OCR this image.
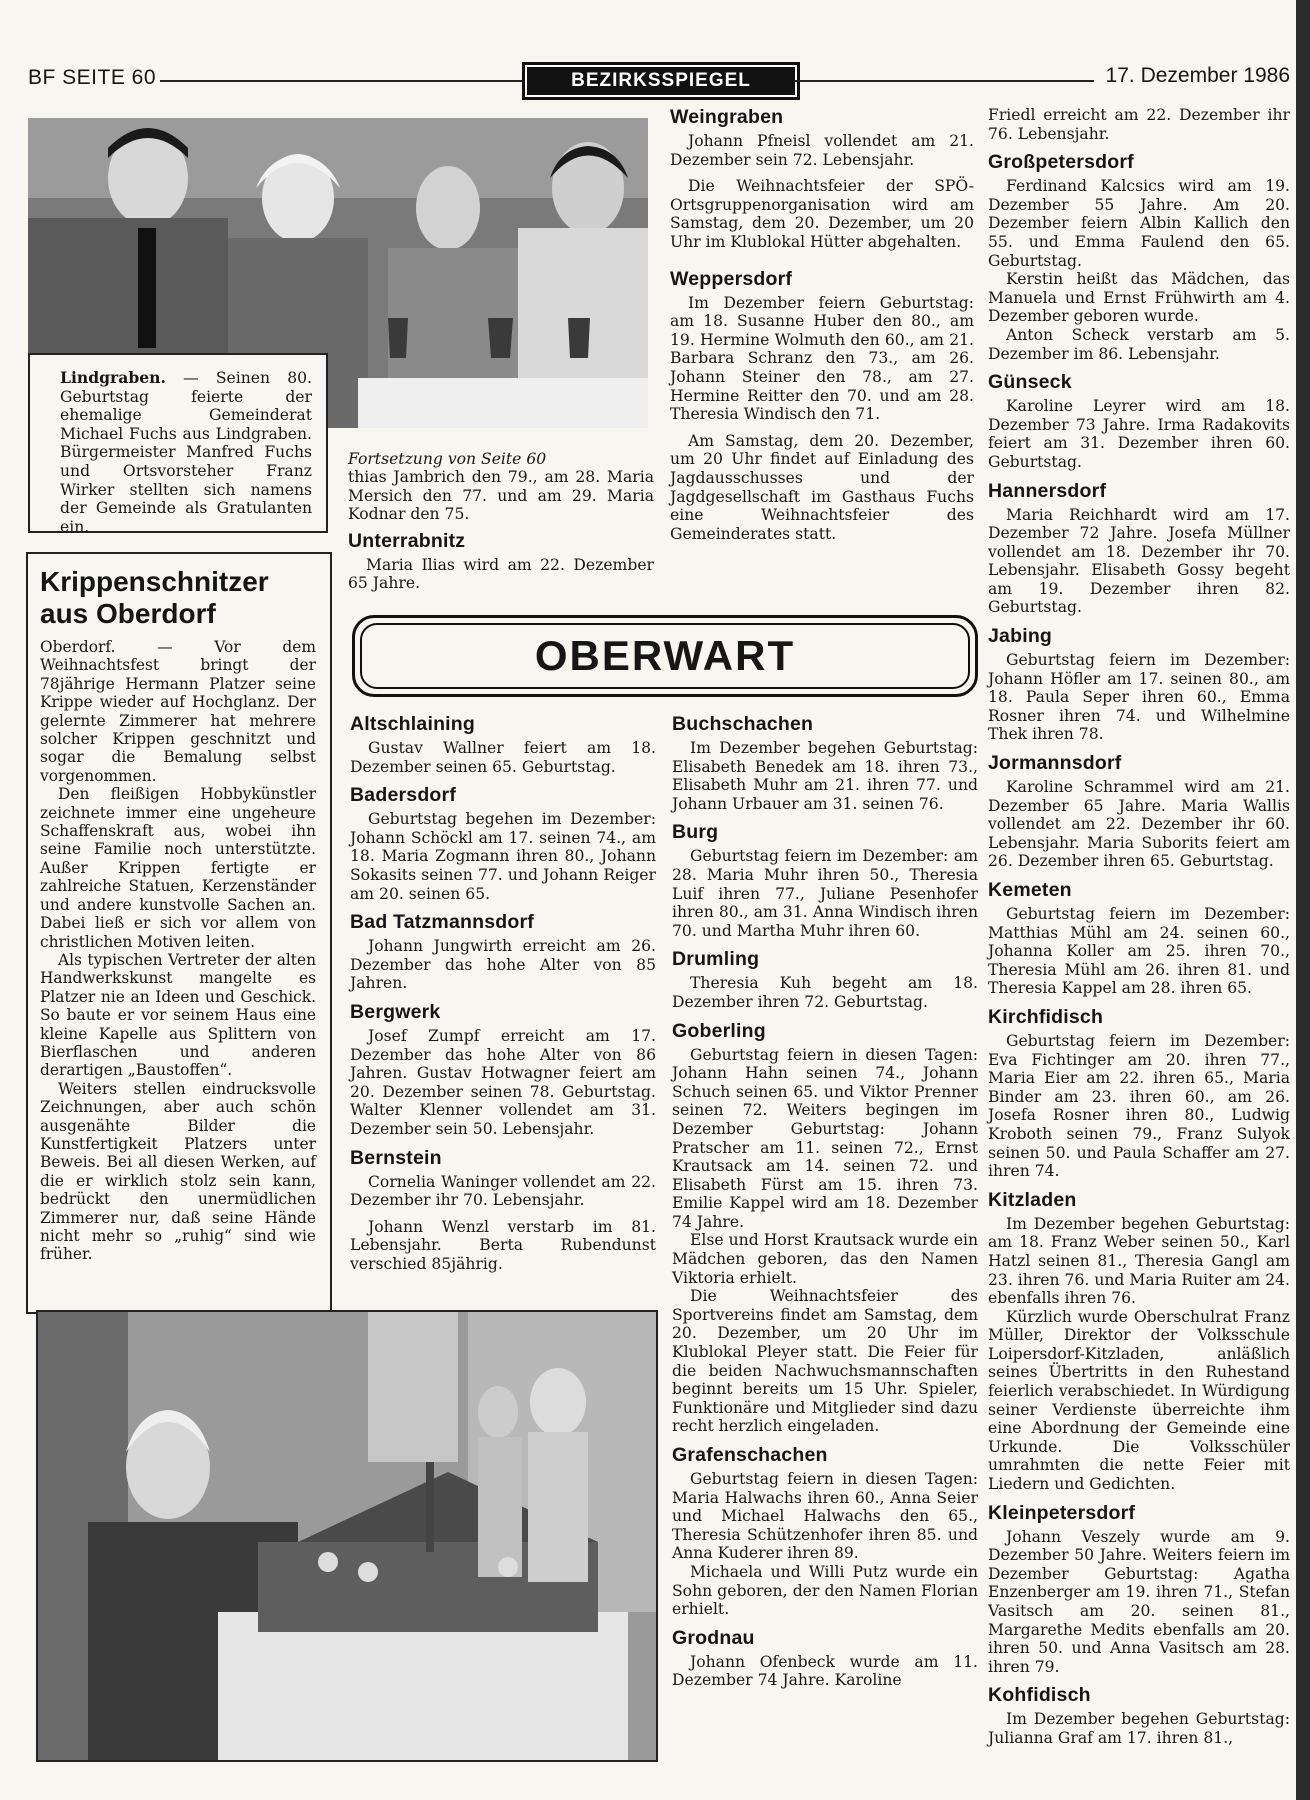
BF SEITE 60	BEZIRKSSPIEGEL	17. Dezember 1986

Lindgraben. — Seinen 80. Geburtstag feierte der ehemalige Gemeinderat Michael Fuchs aus Lindgraben. Bürgermeister Manfred Fuchs und Ortsvorsteher Franz Wirker stellten sich namens der Gemeinde als Gratulanten ein.

Fortsetzung von Seite 60

thias Jambrich den 79., am 28. Maria Mersich den 77. und am 29. Maria Kodnar den 75.

Unterrabnitz

Maria Ilias wird am 22. Dezember 65 Jahre.

Weingraben

Johann Pfneisl vollendet am 21. Dezember sein 72. Lebensjahr.

Die Weihnachtsfeier der SPÖ-Ortsgruppenorganisation wird am Samstag, dem 20. Dezember, um 20 Uhr im Klublokal Hütter abgehalten.

Weppersdorf

Im Dezember feiern Geburtstag: am 18. Susanne Huber den 80., am 19. Hermine Wolmuth den 60., am 21. Barbara Schranz den 73., am 26. Johann Steiner den 78., am 27. Hermine Reitter den 70. und am 28. Theresia Windisch den 71.

Am Samstag, dem 20. Dezember, um 20 Uhr findet auf Einladung des Jagdausschusses und der Jagdgesellschaft im Gasthaus Fuchs eine Weihnachtsfeier des Gemeinderates statt.

Krippenschnitzer aus Oberdorf

Oberdorf. — Vor dem Weihnachtsfest bringt der 78jährige Hermann Platzer seine Krippe wieder auf Hochglanz. Der gelernte Zimmerer hat mehrere solcher Krippen geschnitzt und sogar die Bemalung selbst vorgenommen.

Den fleißigen Hobbykünstler zeichnete immer eine ungeheure Schaffenskraft aus, wobei ihn seine Familie noch unterstützte. Außer Krippen fertigte er zahlreiche Statuen, Kerzenständer und andere kunstvolle Sachen an. Dabei ließ er sich vor allem von christlichen Motiven leiten.

Als typischen Vertreter der alten Handwerkskunst mangelte es Platzer nie an Ideen und Geschick. So baute er vor seinem Haus eine kleine Kapelle aus Splittern von Bierflaschen und anderen derartigen „Baustoffen“.

Weiters stellen eindrucksvolle Zeichnungen, aber auch schön ausgenähte Bilder die Kunstfertigkeit Platzers unter Beweis. Bei all diesen Werken, auf die er wirklich stolz sein kann, bedrückt den unermüdlichen Zimmerer nur, daß seine Hände nicht mehr so „ruhig“ sind wie früher.

OBERWART
Altschlaining

Gustav Wallner feiert am 18. Dezember seinen 65. Geburtstag.

Badersdorf

Geburtstag begehen im Dezember: Johann Schöckl am 17. seinen 74., am 18. Maria Zogmann ihren 80., Johann Sokasits seinen 77. und Johann Reiger am 20. seinen 65.

Bad Tatzmannsdorf

Johann Jungwirth erreicht am 26. Dezember das hohe Alter von 85 Jahren.

Bergwerk

Josef Zumpf erreicht am 17. Dezember das hohe Alter von 86 Jahren. Gustav Hotwagner feiert am 20. Dezember seinen 78. Geburtstag. Walter Klenner vollendet am 31. Dezember sein 50. Lebensjahr.

Bernstein

Cornelia Waninger vollendet am 22. Dezember ihr 70. Lebensjahr.

Johann Wenzl verstarb im 81. Lebensjahr. Berta Rubendunst verschied 85jährig.

Buchschachen

Im Dezember begehen Geburtstag: Elisabeth Benedek am 18. ihren 73., Elisabeth Muhr am 21. ihren 77. und Johann Urbauer am 31. seinen 76.

Burg

Geburtstag feiern im Dezember: am 28. Maria Muhr ihren 50., Theresia Luif ihren 77., Juliane Pesenhofer ihren 80., am 31. Anna Windisch ihren 70. und Martha Muhr ihren 60.

Drumling

Theresia Kuh begeht am 18. Dezember ihren 72. Geburtstag.

Goberling

Geburtstag feiern in diesen Tagen: Johann Hahn seinen 74., Johann Schuch seinen 65. und Viktor Prenner seinen 72. Weiters begingen im Dezember Geburtstag: Johann Pratscher am 11. seinen 72., Ernst Krautsack am 14. seinen 72. und Elisabeth Fürst am 15. ihren 73. Emilie Kappel wird am 18. Dezember 74 Jahre.

Else und Horst Krautsack wurde ein Mädchen geboren, das den Namen Viktoria erhielt.

Die Weihnachtsfeier des Sportvereins findet am Samstag, dem 20. Dezember, um 20 Uhr im Klublokal Pleyer statt. Die Feier für die beiden Nachwuchsmannschaften beginnt bereits um 15 Uhr. Spieler, Funktionäre und Mitglieder sind dazu recht herzlich eingeladen.

Grafenschachen

Geburtstag feiern in diesen Tagen: Maria Halwachs ihren 60., Anna Seier und Michael Halwachs den 65., Theresia Schützenhofer ihren 85. und Anna Kuderer ihren 89.

Michaela und Willi Putz wurde ein Sohn geboren, der den Namen Florian erhielt.

Grodnau

Johann Ofenbeck wurde am 11. Dezember 74 Jahre. Karoline

Friedl erreicht am 22. Dezember ihr 76. Lebensjahr.

Großpetersdorf

Ferdinand Kalcsics wird am 19. Dezember 55 Jahre. Am 20. Dezember feiern Albin Kallich den 55. und Emma Faulend den 65. Geburtstag.

Kerstin heißt das Mädchen, das Manuela und Ernst Frühwirth am 4. Dezember geboren wurde.

Anton Scheck verstarb am 5. Dezember im 86. Lebensjahr.

Günseck

Karoline Leyrer wird am 18. Dezember 73 Jahre. Irma Radakovits feiert am 31. Dezember ihren 60. Geburtstag.

Hannersdorf

Maria Reichhardt wird am 17. Dezember 72 Jahre. Josefa Müllner vollendet am 18. Dezember ihr 70. Lebensjahr. Elisabeth Gossy begeht am 19. Dezember ihren 82. Geburtstag.

Jabing

Geburtstag feiern im Dezember: Johann Höfler am 17. seinen 80., am 18. Paula Seper ihren 60., Emma Rosner ihren 74. und Wilhelmine Thek ihren 78.

Jormannsdorf

Karoline Schrammel wird am 21. Dezember 65 Jahre. Maria Wallis vollendet am 22. Dezember ihr 60. Lebensjahr. Maria Suborits feiert am 26. Dezember ihren 65. Geburtstag.

Kemeten

Geburtstag feiern im Dezember: Matthias Mühl am 24. seinen 60., Johanna Koller am 25. ihren 70., Theresia Mühl am 26. ihren 81. und Theresia Kappel am 28. ihren 65.

Kirchfidisch

Geburtstag feiern im Dezember: Eva Fichtinger am 20. ihren 77., Maria Eier am 22. ihren 65., Maria Binder am 23. ihren 60., am 26. Josefa Rosner ihren 80., Ludwig Kroboth seinen 79., Franz Sulyok seinen 50. und Paula Schaffer am 27. ihren 74.

Kitzladen

Im Dezember begehen Geburtstag: am 18. Franz Weber seinen 50., Karl Hatzl seinen 81., Theresia Gangl am 23. ihren 76. und Maria Ruiter am 24. ebenfalls ihren 76.

Kürzlich wurde Oberschulrat Franz Müller, Direktor der Volksschule Loipersdorf-Kitzladen, anläßlich seines Übertritts in den Ruhestand feierlich verabschiedet. In Würdigung seiner Verdienste überreichte ihm eine Abordnung der Gemeinde eine Urkunde. Die Volksschüler umrahmten die nette Feier mit Liedern und Gedichten.

Kleinpetersdorf

Johann Veszely wurde am 9. Dezember 50 Jahre. Weiters feiern im Dezember Geburtstag: Agatha Enzenberger am 19. ihren 71., Stefan Vasitsch am 20. seinen 81., Margarethe Medits ebenfalls am 20. ihren 50. und Anna Vasitsch am 28. ihren 79.

Kohfidisch

Im Dezember begehen Geburtstag: Julianna Graf am 17. ihren 81.,
